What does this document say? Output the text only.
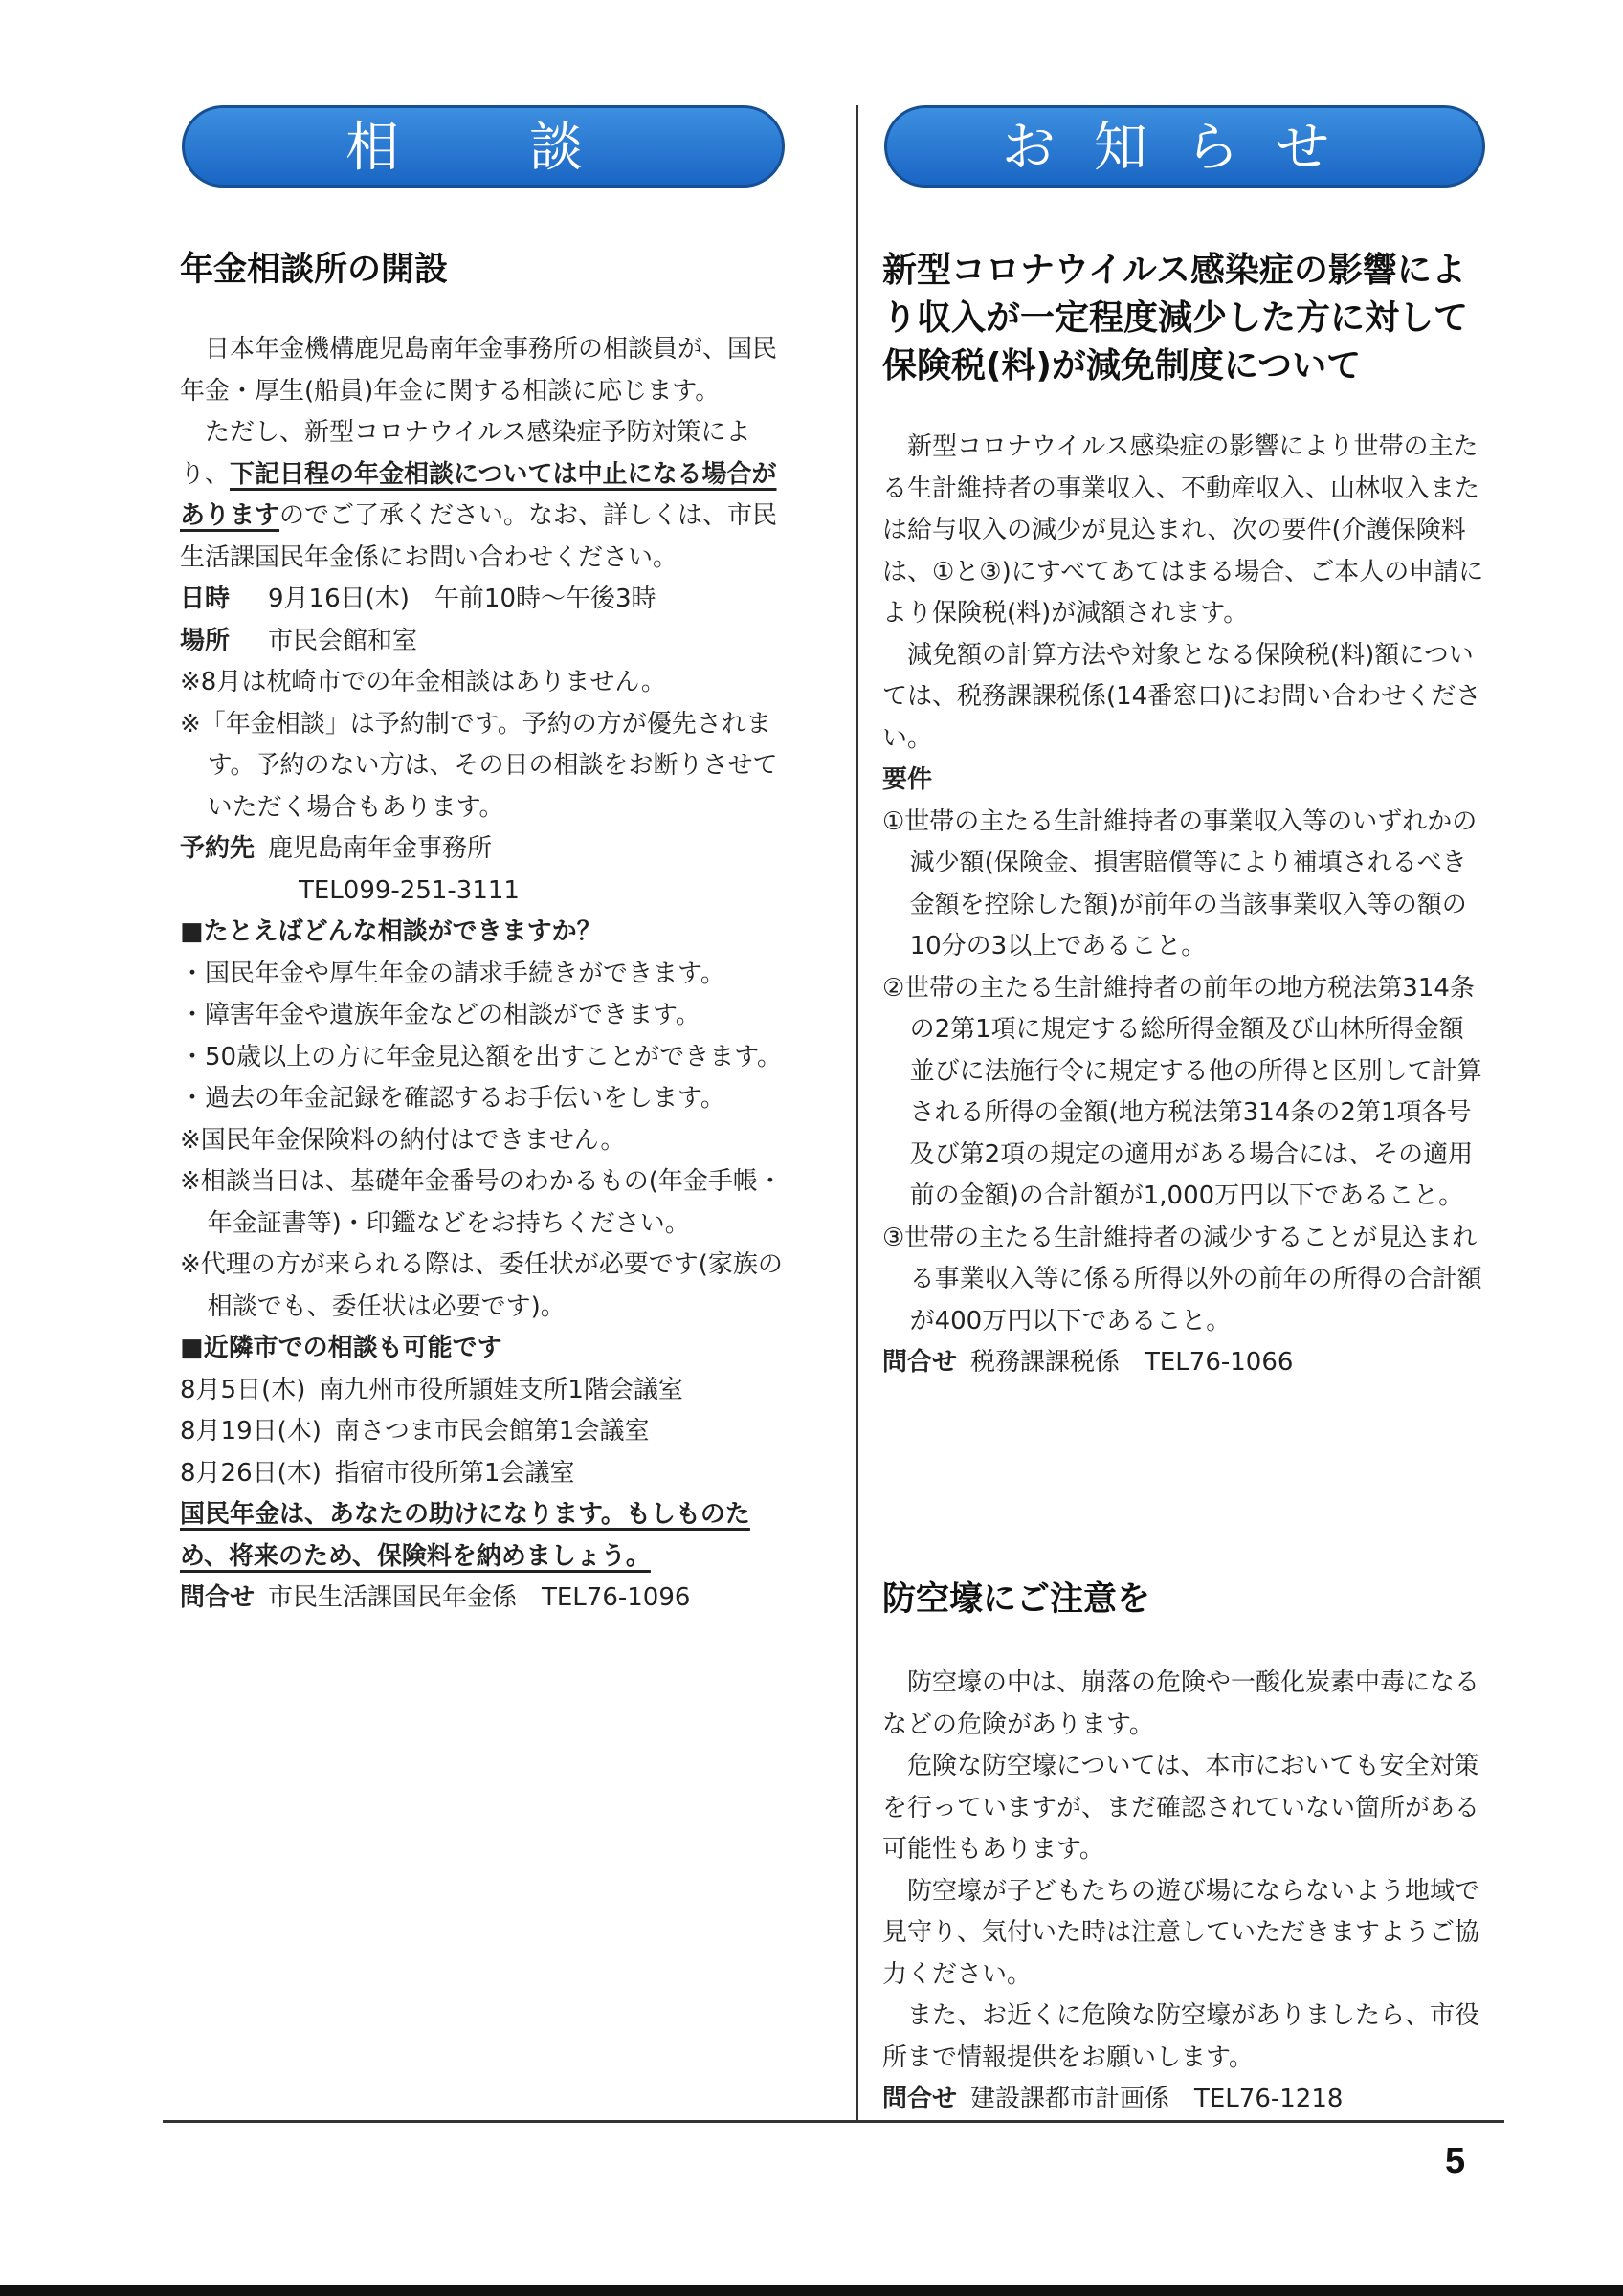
相　談	お知らせ
年金相談所の開設

日本年金機構鹿児島南年金事務所の相談員が、国民年金・厚生(船員)年金に関する相談に応じます。

ただし、新型コロナウイルス感染症予防対策により、下記日程の年金相談については中止になる場合がありますのでご了承ください。なお、詳しくは、市民生活課国民年金係にお問い合わせください。

日時 9月16日(木)　午前10時～午後3時

場所 市民会館和室

※8月は枕崎市での年金相談はありません。

※「年金相談」は予約制です。予約の方が優先されます。予約のない方は、その日の相談をお断りさせていただく場合もあります。

予約先 鹿児島南年金事務所

TEL099-251-3111

■たとえばどんな相談ができますか？

・国民年金や厚生年金の請求手続きができます。

・障害年金や遺族年金などの相談ができます。

・50歳以上の方に年金見込額を出すことができます。

・過去の年金記録を確認するお手伝いをします。

※国民年金保険料の納付はできません。

※相談当日は、基礎年金番号のわかるもの(年金手帳・年金証書等)・印鑑などをお持ちください。

※代理の方が来られる際は、委任状が必要です(家族の相談でも、委任状は必要です)。

■近隣市での相談も可能です

8月5日(木) 南九州市役所頴娃支所1階会議室

8月19日(木) 南さつま市民会館第1会議室

8月26日(木) 指宿市役所第1会議室

国民年金は、あなたの助けになります。もしものため、将来のため、保険料を納めましょう。

問合せ 市民生活課国民年金係　TEL76-1096

新型コロナウイルス感染症の影響により収入が一定程度減少した方に対して保険税(料)が減免制度について

新型コロナウイルス感染症の影響により世帯の主たる生計維持者の事業収入、不動産収入、山林収入または給与収入の減少が見込まれ、次の要件(介護保険料は、①と③)にすべてあてはまる場合、ご本人の申請により保険税(料)が減額されます。

減免額の計算方法や対象となる保険税(料)額については、税務課課税係(14番窓口)にお問い合わせください。

要件

①世帯の主たる生計維持者の事業収入等のいずれかの減少額(保険金、損害賠償等により補填されるべき金額を控除した額)が前年の当該事業収入等の額の10分の3以上であること。

②世帯の主たる生計維持者の前年の地方税法第314条の2第1項に規定する総所得金額及び山林所得金額並びに法施行令に規定する他の所得と区別して計算される所得の金額(地方税法第314条の2第1項各号及び第2項の規定の適用がある場合には、その適用前の金額)の合計額が1,000万円以下であること。

③世帯の主たる生計維持者の減少することが見込まれる事業収入等に係る所得以外の前年の所得の合計額が400万円以下であること。

問合せ 税務課課税係　TEL76-1066

防空壕にご注意を

防空壕の中は、崩落の危険や一酸化炭素中毒になるなどの危険があります。

危険な防空壕については、本市においても安全対策を行っていますが、まだ確認されていない箇所がある可能性もあります。

防空壕が子どもたちの遊び場にならないよう地域で見守り、気付いた時は注意していただきますようご協力ください。

また、お近くに危険な防空壕がありましたら、市役所まで情報提供をお願いします。

問合せ 建設課都市計画係　TEL76-1218

5
